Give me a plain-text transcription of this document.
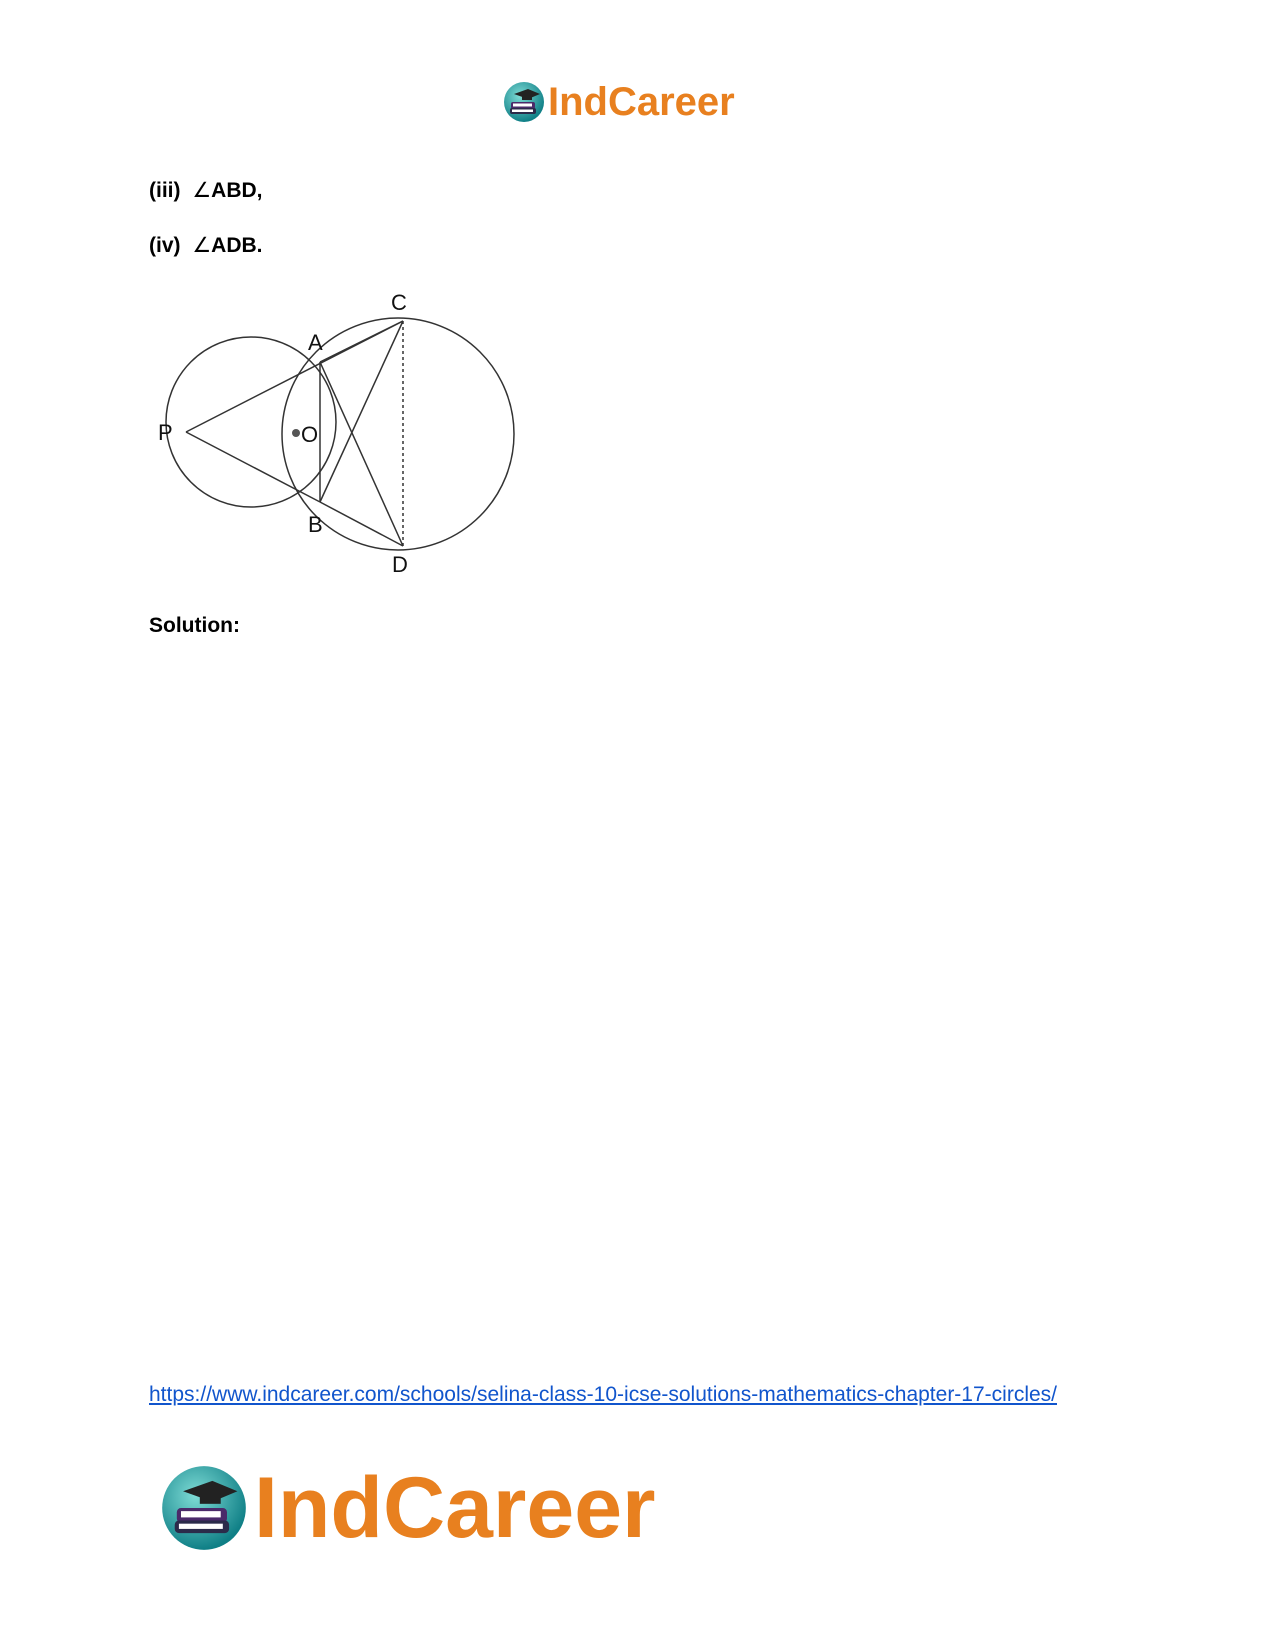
IndCareer
(iii) ∠ABD,
(iv) ∠ADB.
P	O
A
B
C
D
Solution:
https://www.indcareer.com/schools/selina-class-10-icse-solutions-mathematics-chapter-17-circles/
IndCareer
